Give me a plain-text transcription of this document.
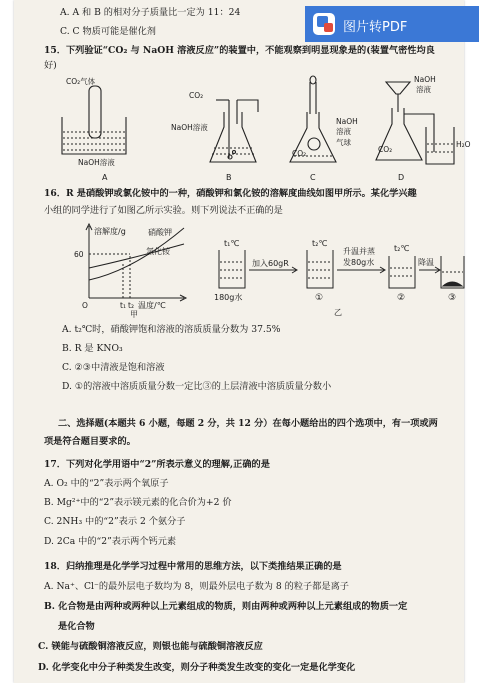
A. A 和 B 的相对分子质量比一定为 11：24
C. C 物质可能是催化剂
15．下列验证“CO₂ 与 NaOH 溶液反应”的装置中，不能观察到明显现象是的(装置气密性均良
好)
CO₂气体
NaOH溶液
A
CO₂
NaOH溶液
B
CO₂
NaOH
溶液
气球
C
NaOH
溶液
CO₂
H₂O
D
16．R 是硝酸钾或氯化铵中的一种，硝酸钾和氯化铵的溶解度曲线如图甲所示。某化学兴趣
小组的同学进行了如图乙所示实验。则下列说法不正确的是
溶解度/g
60
O	t₁ t₂ 温度/℃
硝酸钾
氯化铵
甲
t₁℃
180g水
加入60gR
t₂℃
①
升温并蒸
发80g水
t₂℃
②
降温
③
乙
A. t₂℃时，硝酸钾饱和溶液的溶质质量分数为 37.5%
B. R 是 KNO₃
C. ②③中清液是饱和溶液
D. ①的溶液中溶质质量分数一定比③的上层清液中溶质质量分数小
二、选择题(本题共 6 小题，每题 2 分，共 12 分）在每小题给出的四个选项中，有一项或两
项是符合题目要求的。
17．下列对化学用语中“2”所表示意义的理解,正确的是
A. O₂ 中的“2”表示两个氧原子
B. Mg²⁺中的“2”表示镁元素的化合价为+2 价
C. 2NH₃ 中的“2”表示 2 个氨分子
D. 2Ca 中的“2”表示两个钙元素
18．归纳推理是化学学习过程中常用的思维方法，以下类推结果正确的是
A. Na⁺、Cl⁻的最外层电子数均为 8，则最外层电子数为 8 的粒子都是离子
B. 化合物是由两种或两种以上元素组成的物质，则由两种或两种以上元素组成的物质一定
是化合物
C. 镁能与硫酸铜溶液反应，则银也能与硫酸铜溶液反应
D. 化学变化中分子种类发生改变，则分子种类发生改变的变化一定是化学变化
图片转PDF
